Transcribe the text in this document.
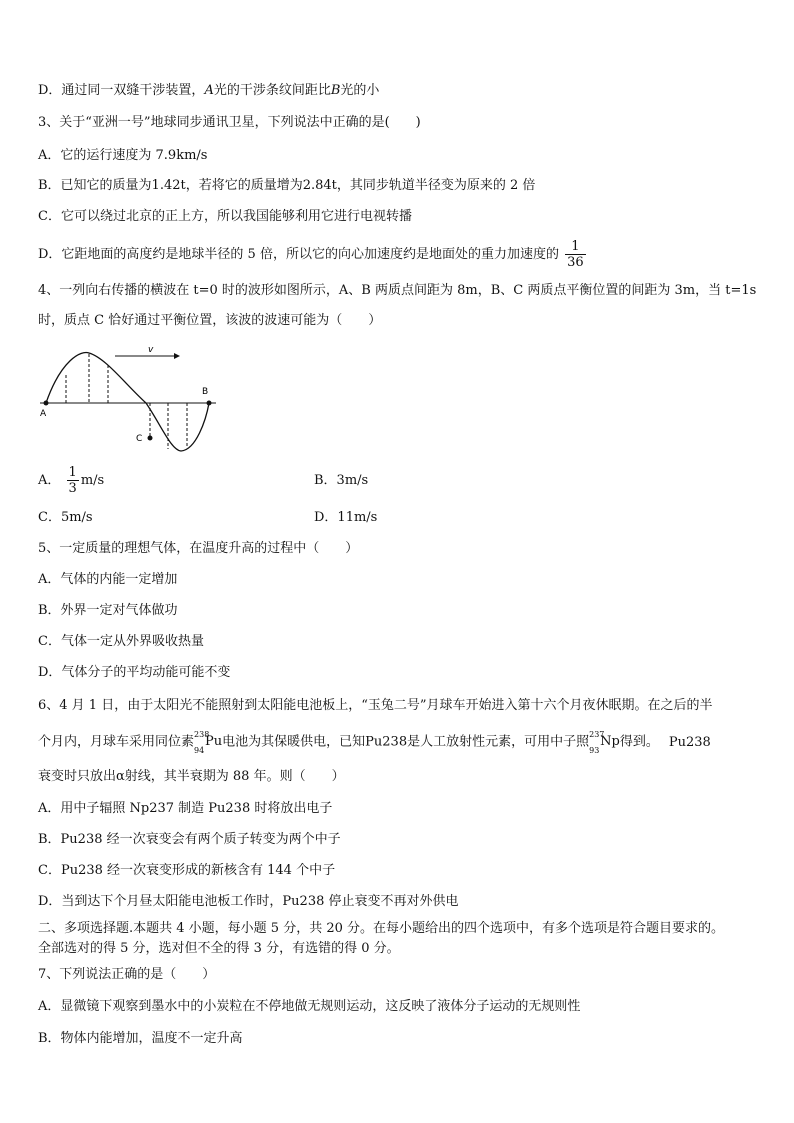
D．通过同一双缝干涉装置，A光的干涉条纹间距比B光的小
3、关于“亚洲一号”地球同步通讯卫星，下列说法中正确的是(　　)
A．它的运行速度为 7.9km/s
B．已知它的质量为1.42t，若将它的质量增为2.84t，其同步轨道半径变为原来的 2 倍
C．它可以绕过北京的正上方，所以我国能够利用它进行电视转播
D．它距地面的高度约是地球半径的 5 倍，所以它的向心加速度约是地面处的重力加速度的 $\frac{1}{36}$
4、一列向右传播的横波在 t=0 时的波形如图所示，A、B 两质点间距为 8m，B、C 两质点平衡位置的间距为 3m，当 t=1s
时，质点 C 恰好通过平衡位置，该波的波速可能为（　　）
v
A
B
C
A． $\frac{1}{3} m/s$	B．3m/s
C．5m/s	D．11m/s
5、一定质量的理想气体，在温度升高的过程中（　　）
A．气体的内能一定增加
B．外界一定对气体做功
C．气体一定从外界吸收热量
D．气体分子的平均动能可能不变
6、4 月 1 日，由于太阳光不能照射到太阳能电池板上，“玉兔二号”月球车开始进入第十六个月夜休眠期。在之后的半
个月内，月球车采用同位素 238
94
Pu电池为其保暖供电，已知Pu238是人工放射性元素，可用中子照 237
93
Np得到。 Pu238
衰变时只放出α射线，其半衰期为 88 年。则（　　）
A．用中子辐照 Np237 制造 Pu238 时将放出电子
B．Pu238 经一次衰变会有两个质子转变为两个中子
C．Pu238 经一次衰变形成的新核含有 144 个中子
D．当到达下个月昼太阳能电池板工作时，Pu238 停止衰变不再对外供电
二、多项选择题.本题共 4 小题，每小题 5 分，共 20 分。在每小题给出的四个选项中，有多个选项是符合题目要求的。
全部选对的得 5 分，选对但不全的得 3 分，有选错的得 0 分。
7、下列说法正确的是（　　）
A．显微镜下观察到墨水中的小炭粒在不停地做无规则运动，这反映了液体分子运动的无规则性
B．物体内能增加，温度不一定升高
